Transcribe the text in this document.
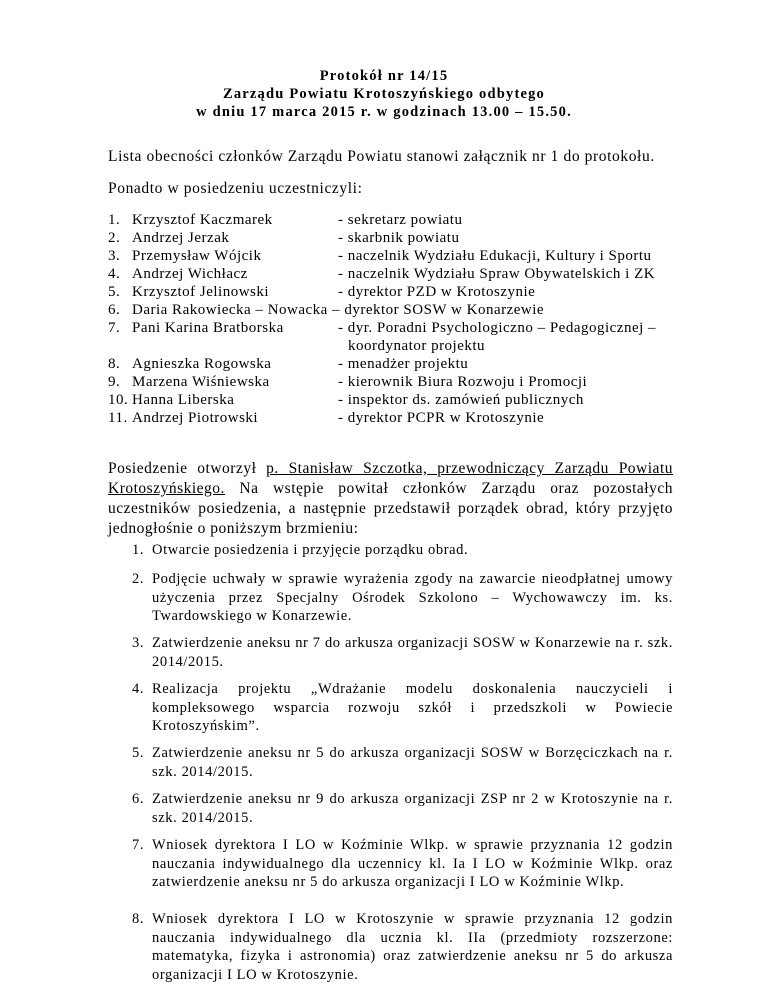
Protokół nr 14/15
Zarządu Powiatu Krotoszyńskiego odbytego
w dniu 17 marca 2015 r. w godzinach 13.00 – 15.50.
Lista obecności członków Zarządu Powiatu stanowi załącznik nr 1 do protokołu.
Ponadto w posiedzeniu uczestniczyli:
1. Krzysztof Kaczmarek	- sekretarz powiatu
2. Andrzej Jerzak	- skarbnik powiatu
3. Przemysław Wójcik	- naczelnik Wydziału Edukacji, Kultury i Sportu
4. Andrzej Wichłacz	- naczelnik Wydziału Spraw Obywatelskich i ZK
5. Krzysztof Jelinowski	- dyrektor PZD w Krotoszynie
6. Daria Rakowiecka – Nowacka – dyrektor SOSW w Konarzewie
7. Pani Karina Bratborska	- dyr. Poradni Psychologiczno – Pedagogicznej –
koordynator projektu
8. Agnieszka Rogowska	- menadżer projektu
9. Marzena Wiśniewska	- kierownik Biura Rozwoju i Promocji
10. Hanna Liberska	- inspektor ds. zamówień publicznych
11. Andrzej Piotrowski	- dyrektor PCPR w Krotoszynie
Posiedzenie otworzył p. Stanisław Szczotka, przewodniczący Zarządu Powiatu Krotoszyńskiego. Na wstępie powitał członków Zarządu oraz pozostałych uczestników posiedzenia, a następnie przedstawił porządek obrad, który przyjęto jednogłośnie o poniższym brzmieniu:
1. Otwarcie posiedzenia i przyjęcie porządku obrad.
2. Podjęcie uchwały w sprawie wyrażenia zgody na zawarcie nieodpłatnej umowy użyczenia przez Specjalny Ośrodek Szkolono – Wychowawczy im. ks. Twardowskiego w Konarzewie.
3. Zatwierdzenie aneksu nr 7 do arkusza organizacji SOSW w Konarzewie na r. szk. 2014/2015.
4. Realizacja projektu „Wdrażanie modelu doskonalenia nauczycieli i kompleksowego wsparcia rozwoju szkół i przedszkoli w Powiecie Krotoszyńskim”.
5. Zatwierdzenie aneksu nr 5 do arkusza organizacji SOSW w Borzęciczkach na r. szk. 2014/2015.
6. Zatwierdzenie aneksu nr 9 do arkusza organizacji ZSP nr 2 w Krotoszynie na r. szk. 2014/2015.
7. Wniosek dyrektora I LO w Koźminie Wlkp. w sprawie przyznania 12 godzin nauczania indywidualnego dla uczennicy kl. Ia I LO w Koźminie Wlkp. oraz zatwierdzenie aneksu nr 5 do arkusza organizacji I LO w Koźminie Wlkp.
8. Wniosek dyrektora I LO w Krotoszynie w sprawie przyznania 12 godzin nauczania indywidualnego dla ucznia kl. IIa (przedmioty rozszerzone: matematyka, fizyka i astronomia) oraz zatwierdzenie aneksu nr 5 do arkusza organizacji I LO w Krotoszynie.
